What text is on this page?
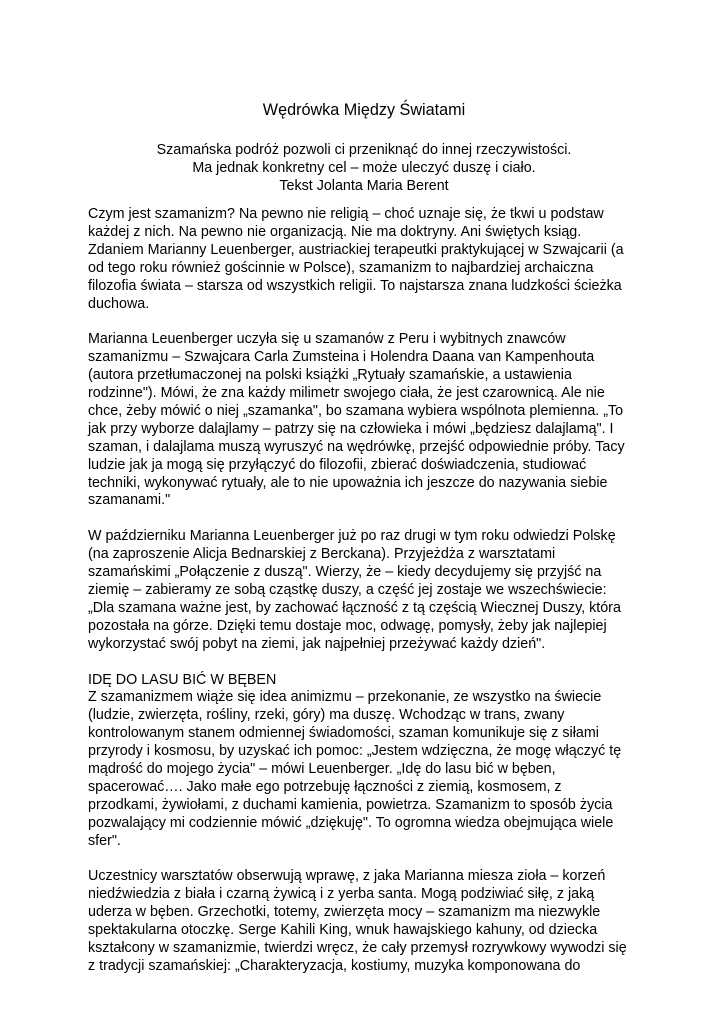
Wędrówka Między Światami
Szamańska podróż pozwoli ci przeniknąć do innej rzeczywistości.
Ma jednak konkretny cel – może uleczyć duszę i ciało.
Tekst Jolanta Maria Berent
Czym jest szamanizm? Na pewno nie religią – choć uznaje się, że tkwi u podstaw
każdej z nich. Na pewno nie organizacją. Nie ma doktryny. Ani świętych ksiąg.
Zdaniem Marianny Leuenberger, austriackiej terapeutki praktykującej w Szwajcarii (a
od tego roku również gościnnie w Polsce), szamanizm to najbardziej archaiczna
filozofia świata – starsza od wszystkich religii. To najstarsza znana ludzkości ścieżka
duchowa.
Marianna Leuenberger uczyła się u szamanów z Peru i wybitnych znawców
szamanizmu – Szwajcara Carla Zumsteina i Holendra Daana van Kampenhouta
(autora przetłumaczonej na polski książki „Rytuały szamańskie, a ustawienia
rodzinne"). Mówi, że zna każdy milimetr swojego ciała, że jest czarownicą. Ale nie
chce, żeby mówić o niej „szamanka", bo szamana wybiera wspólnota plemienna. „To
jak przy wyborze dalajlamy – patrzy się na człowieka i mówi „będziesz dalajlamą". I
szaman, i dalajlama muszą wyruszyć na wędrówkę, przejść odpowiednie próby. Tacy
ludzie jak ja mogą się przyłączyć do filozofii, zbierać doświadczenia, studiować
techniki, wykonywać rytuały, ale to nie upoważnia ich jeszcze do nazywania siebie
szamanami."
W październiku Marianna Leuenberger już po raz drugi w tym roku odwiedzi Polskę
(na zaproszenie Alicja Bednarskiej z Berckana). Przyjeżdża z warsztatami
szamańskimi „Połączenie z duszą". Wierzy, że – kiedy decydujemy się przyjść na
ziemię – zabieramy ze sobą cząstkę duszy, a część jej zostaje we wszechświecie:
„Dla szamana ważne jest, by zachować łączność z tą częścią Wiecznej Duszy, która
pozostała na górze. Dzięki temu dostaje moc, odwagę, pomysły, żeby jak najlepiej
wykorzystać swój pobyt na ziemi, jak najpełniej przeżywać każdy dzień".
IDĘ DO LASU BIĆ W BĘBEN
Z szamanizmem wiąże się idea animizmu – przekonanie, ze wszystko na świecie
(ludzie, zwierzęta, rośliny, rzeki, góry) ma duszę. Wchodząc w trans, zwany
kontrolowanym stanem odmiennej świadomości, szaman komunikuje się z siłami
przyrody i kosmosu, by uzyskać ich pomoc: „Jestem wdzięczna, że mogę włączyć tę
mądrość do mojego życia" – mówi Leuenberger. „Idę do lasu bić w bęben,
spacerować…. Jako małe ego potrzebuję łączności z ziemią, kosmosem, z
przodkami, żywiołami, z duchami kamienia, powietrza. Szamanizm to sposób życia
pozwalający mi codziennie mówić „dziękuję". To ogromna wiedza obejmująca wiele
sfer".
Uczestnicy warsztatów obserwują wprawę, z jaka Marianna miesza zioła – korzeń
niedźwiedzia z biała i czarną żywicą i z yerba santa. Mogą podziwiać siłę, z jaką
uderza w bęben. Grzechotki, totemy, zwierzęta mocy – szamanizm ma niezwykle
spektakularna otoczkę. Serge Kahili King, wnuk hawajskiego kahuny, od dziecka
kształcony w szamanizmie, twierdzi wręcz, że cały przemysł rozrywkowy wywodzi się
z tradycji szamańskiej: „Charakteryzacja, kostiumy, muzyka komponowana do
